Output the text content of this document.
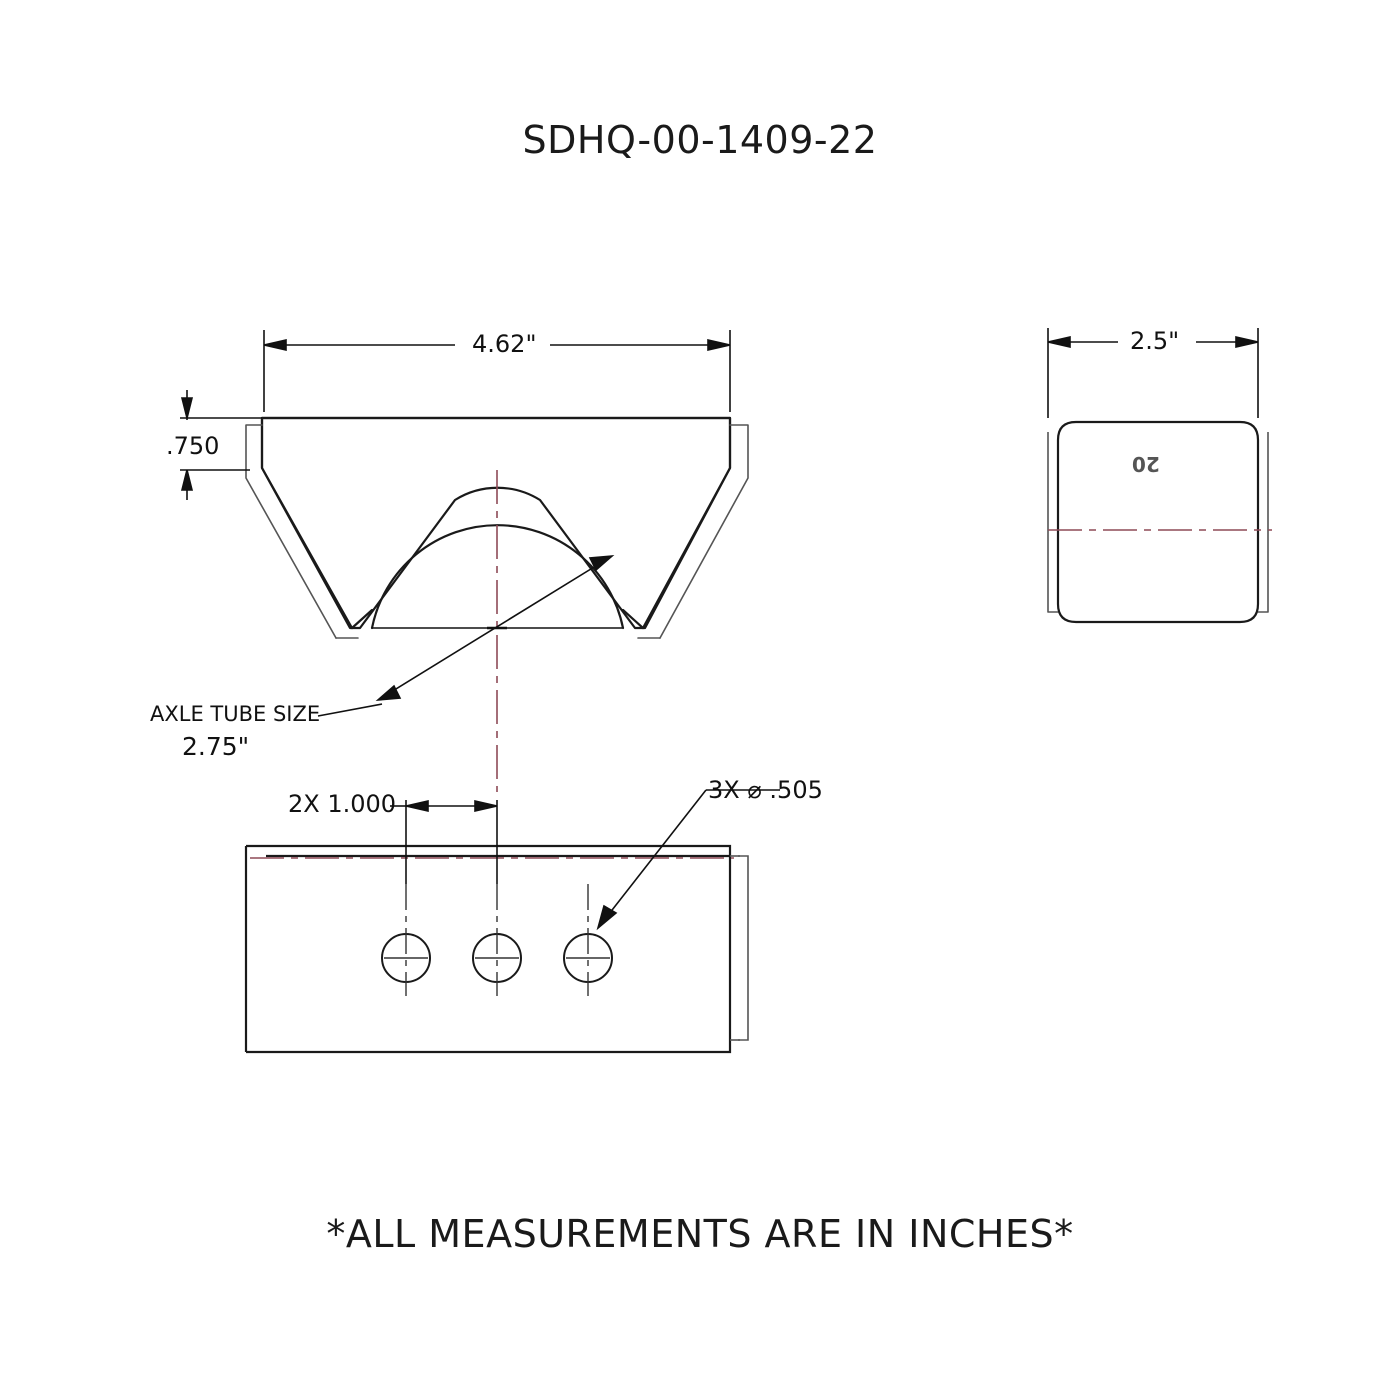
SDHQ-00-1409-22
4.62"
.750
AXLE TUBE SIZE
2.75"
2.5"
20
2X 1.000	3X ⌀ .505
*ALL MEASUREMENTS ARE IN INCHES*
